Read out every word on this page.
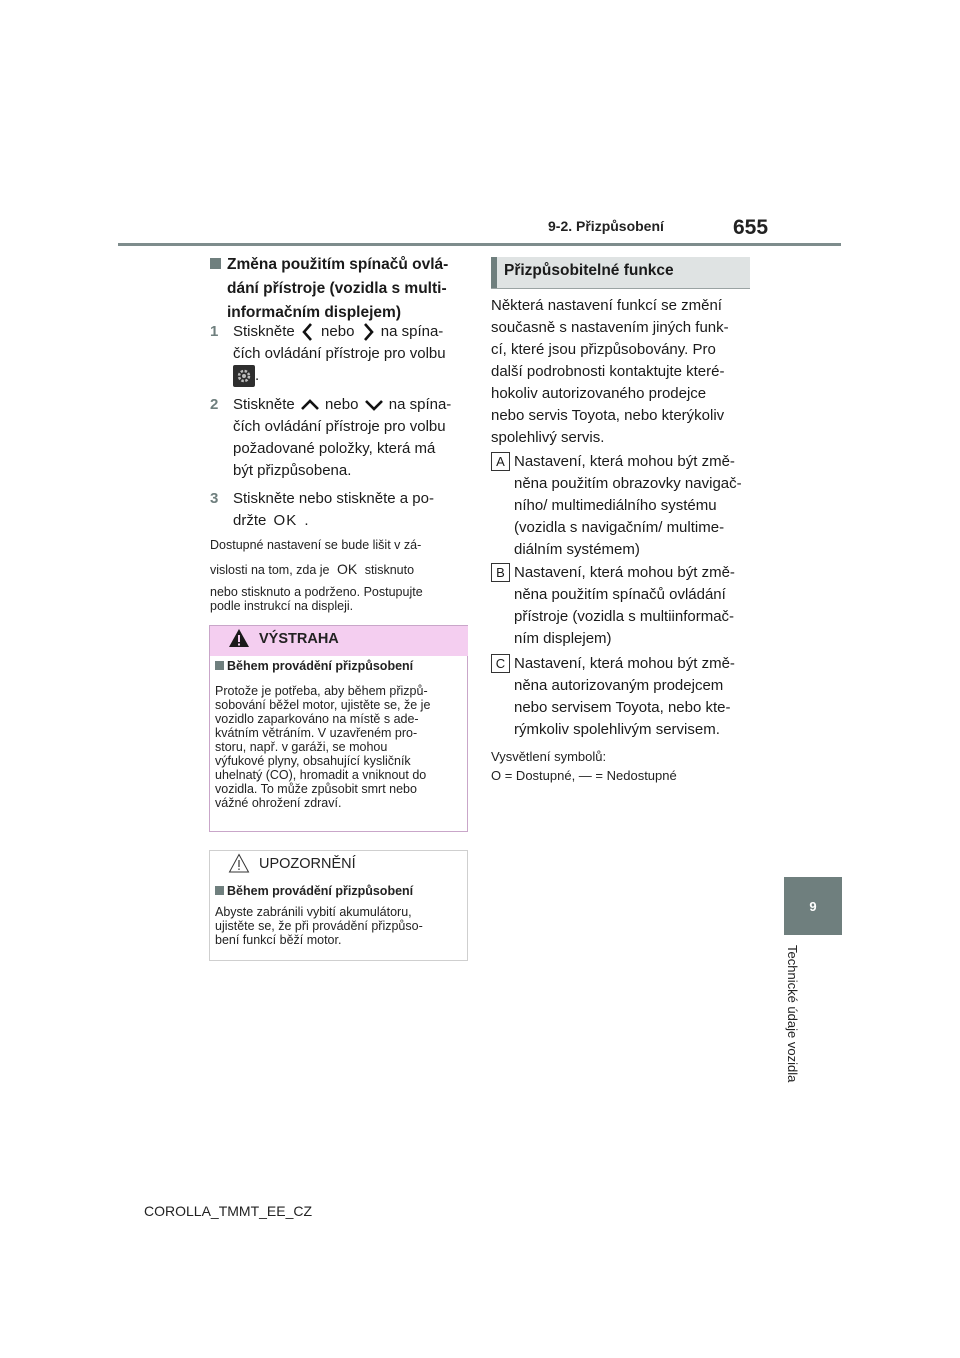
9-2. Přizpůsobení	655
9
Technické údaje vozidla
Změna použitím spínačů ovlá-
dání přístroje (vozidla s multi-
informačním displejem)
1 Stiskněte nebo na spína-
čích ovládání přístroje pro volbu
.
2 Stiskněte nebo na spína-
čích ovládání přístroje pro volbu
požadované položky, která má
být přizpůsobena.
3 Stiskněte nebo stiskněte a po-
držte OK .
Dostupné nastavení se bude lišit v zá-
vislosti na tom, zda je OK stisknuto
nebo stisknuto a podrženo. Postupujte
podle instrukcí na displeji.
VÝSTRAHA
Během provádění přizpůsobení
Protože je potřeba, aby během přizpů-
sobování běžel motor, ujistěte se, že je
vozidlo zaparkováno na místě s ade-
kvátním větráním. V uzavřeném pro-
storu, např. v garáži, se mohou
výfukové plyny, obsahující kysličník
uhelnatý (CO), hromadit a vniknout do
vozidla. To může způsobit smrt nebo
vážné ohrožení zdraví.
UPOZORNĚNÍ
Během provádění přizpůsobení
Abyste zabránili vybití akumulátoru,
ujistěte se, že při provádění přizpůso-
bení funkcí běží motor.
Přizpůsobitelné funkce
Některá nastavení funkcí se změní
současně s nastavením jiných funk-
cí, které jsou přizpůsobovány. Pro
další podrobnosti kontaktujte které-
hokoliv autorizovaného prodejce
nebo servis Toyota, nebo kterýkoliv
spolehlivý servis.
A Nastavení, která mohou být změ-
něna použitím obrazovky navigač-
ního/ multimediálního systému
(vozidla s navigačním/ multime-
diálním systémem)
B Nastavení, která mohou být změ-
něna použitím spínačů ovládání
přístroje (vozidla s multiinformač-
ním displejem)
C Nastavení, která mohou být změ-
něna autorizovaným prodejcem
nebo servisem Toyota, nebo kte-
rýmkoliv spolehlivým servisem.
Vysvětlení symbolů:
O = Dostupné, — = Nedostupné
COROLLA_TMMT_EE_CZ
